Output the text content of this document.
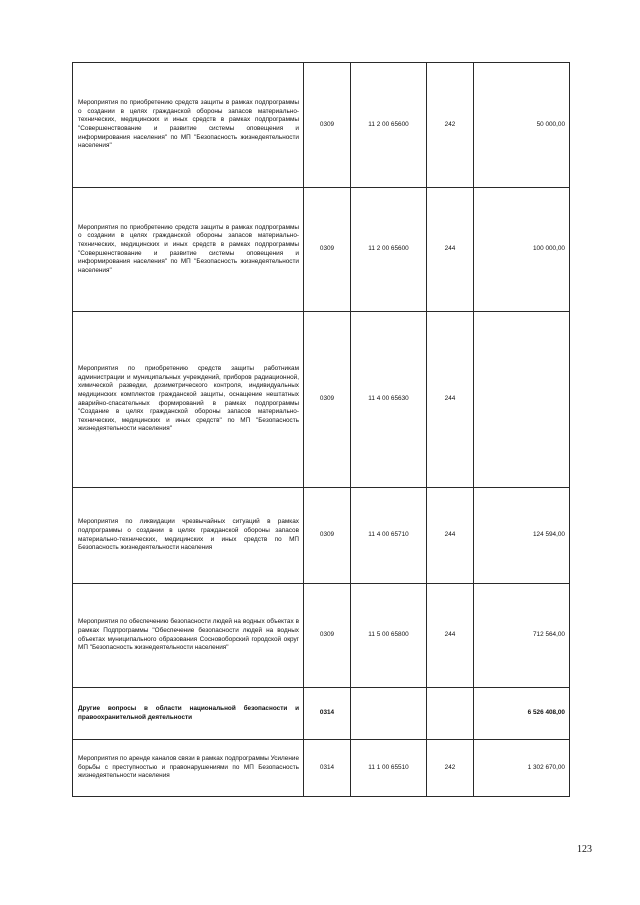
Мероприятия по приобретению средств защиты в рамках подпрограммы о создании в целях гражданской обороны запасов материально-технических, медицинских и иных средств в рамках подпрограммы "Совершенствование и развитие системы оповещения и информирования населения" по МП "Безопасность жизнедеятельности населения"	0309	11 2 00 65600	242	50 000,00
Мероприятия по приобретению средств защиты в рамках подпрограммы о создании в целях гражданской обороны запасов материально-технических, медицинских и иных средств в рамках подпрограммы "Совершенствование и развитие системы оповещения и информирования населения" по МП "Безопасность жизнедеятельности населения"	0309	11 2 00 65600	244	100 000,00
Мероприятия по приобретению средств защиты работникам администрации и муниципальных учреждений, приборов радиационной, химической разведки, дозиметрического контроля, индивидуальных медицинских комплектов гражданской защиты, оснащение нештатных аварийно-спасательных формирований в рамках подпрограммы "Создание в целях гражданской обороны запасов материально-технических, медицинских и иных средств" по МП "Безопасность жизнедеятельности населения"	0309	11 4 00 65630	244	
Мероприятия по ликвидации чрезвычайных ситуаций в рамках подпрограммы о создании в целях гражданской обороны запасов материально-технических, медицинских и иных средств по МП Безопасность жизнедеятельности населения	0309	11 4 00 65710	244	124 594,00
Мероприятия по обеспечению безопасности людей на водных объектах в рамках Подпрограммы "Обеспечение безопасности людей на водных объектах муниципального образования Сосновоборский городской округ МП "Безопасность жизнедеятельности населения"	0309	11 5 00 65800	244	712 564,00
Другие вопросы в области национальной безопасности и правоохранительной деятельности	0314			6 526 408,00
Мероприятия по аренде каналов связи в рамках подпрограммы Усиление борьбы с преступностью и правонарушениями по МП Безопасность жизнедеятельности населения	0314	11 1 00 65510	242	1 302 670,00
123
